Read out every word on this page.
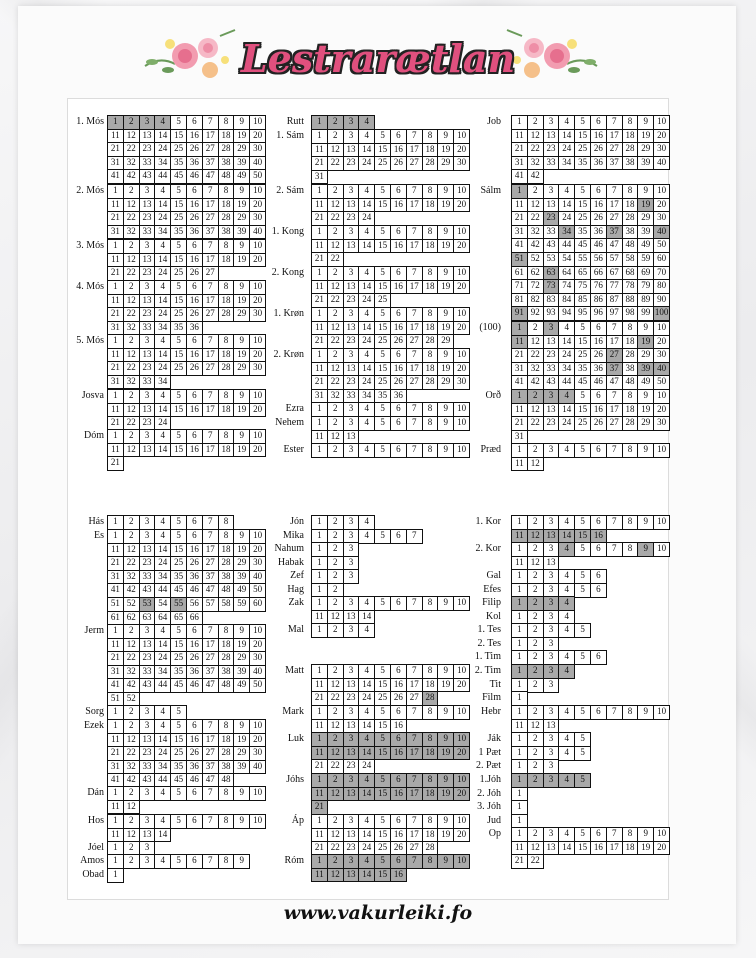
Lestrarætlan
1. Mós	1	2	3	4	5	6	7	8	9	10
11 12 13 14 15 16 17 18 19 20
21 22 23 24 25 26 27 28 29 30
31 32 33 34 35 36 37 38 39 40
41 42 43 44 45 46 47 48 49 50
2. Mós	1	2	3	4	5	6	7	8	9	10
11 12 13 14 15 16 17 18 19 20
21 22 23 24 25 26 27 28 29 30
31 32 33 34 35 36 37 38 39 40
3. Mós	1	2	3	4	5	6	7	8	9	10
11 12 13 14 15 16 17 18 19 20
21 22 23 24 25 26 27
4. Mós	1	2	3	4	5	6	7	8	9	10
11 12 13 14 15 16 17 18 19 20
21 22 23 24 25 26 27 28 29 30
31 32 33 34 35 36
5. Mós	1	2	3	4	5	6	7	8	9	10
11 12 13 14 15 16 17 18 19 20
21 22 23 24 25 26 27 28 29 30
31 32 33 34
Josva	1	2	3	4	5	6	7	8	9	10
11 12 13 14 15 16 17 18 19 20
21 22 23 24
Dóm	1	2	3	4	5	6	7	8	9	10
11 12 13 14 15 16 17 18 19 20
21
Rutt	1	2	3	4
1. Sám	1	2	3	4	5	6	7	8	9	10
11 12 13 14 15 16 17 18 19 20
21 22 23 24 25 26 27 28 29 30
31
2. Sám	1	2	3	4	5	6	7	8	9	10
11 12 13 14 15 16 17 18 19 20
21 22 23 24
1. Kong	1	2	3	4	5	6	7	8	9	10
11 12 13 14 15 16 17 18 19 20
21 22
2. Kong	1	2	3	4	5	6	7	8	9	10
11 12 13 14 15 16 17 18 19 20
21 22 23 24 25
1. Krøn	1	2	3	4	5	6	7	8	9	10
11 12 13 14 15 16 17 18 19 20
21 22 23 24 25 26 27 28 29
2. Krøn	1	2	3	4	5	6	7	8	9	10
11 12 13 14 15 16 17 18 19 20
21 22 23 24 25 26 27 28 29 30
31 32 33 34 35 36
Ezra	1	2	3	4	5	6	7	8	9	10
Nehem	1	2	3	4	5	6	7	8	9	10
11 12 13
Ester	1	2	3	4	5	6	7	8	9	10
Job	1	2	3	4	5	6	7	8	9	10
11 12 13 14 15 16 17 18 19 20
21 22 23 24 25 26 27 28 29 30
31 32 33 34 35 36 37 38 39 40
41 42
Sálm	1	2	3	4	5	6	7	8	9	10
11 12 13 14 15 16 17 18 19 20
21 22 23 24 25 26 27 28 29 30
31 32 33 34 35 36 37 38 39 40
41 42 43 44 45 46 47 48 49 50
51 52 53 54 55 56 57 58 59 60
61 62 63 64 65 66 67 68 69 70
71 72 73 74 75 76 77 78 79 80
81 82 83 84 85 86 87 88 89 90
91 92 93 94 95 96 97 98 99 100
(100)	1	2	3	4	5	6	7	8	9	10
11 12 13 14 15 16 17 18 19 20
21 22 23 24 25 26 27 28 29 30
31 32 33 34 35 36 37 38 39 40
41 42 43 44 45 46 47 48 49 50
Orð	1	2	3	4	5	6	7	8	9	10
11 12 13 14 15 16 17 18 19 20
21 22 23 24 25 26 27 28 29 30
31
Præd	1	2	3	4	5	6	7	8	9	10
11 12
Hás	1	2	3	4	5	6	7	8
Es	1	2	3	4	5	6	7	8	9	10
11 12 13 14 15 16 17 18 19 20
21 22 23 24 25 26 27 28 29 30
31 32 33 34 35 36 37 38 39 40
41 42 43 44 45 46 47 48 49 50
51 52 53 54 55 56 57 58 59 60
61 62 63 64 65 66
Jerm	1	2	3	4	5	6	7	8	9	10
11 12 13 14 15 16 17 18 19 20
21 22 23 24 25 26 27 28 29 30
31 32 33 34 35 36 37 38 39 40
41 42 43 44 45 46 47 48 49 50
51 52
Sorg	1	2	3	4	5
Ezek	1	2	3	4	5	6	7	8	9	10
11 12 13 14 15 16 17 18 19 20
21 22 23 24 25 26 27 28 29 30
31 32 33 34 35 36 37 38 39 40
41 42 43 44 45 46 47 48
Dán	1	2	3	4	5	6	7	8	9	10
11 12
Hos	1	2	3	4	5	6	7	8	9	10
11 12 13 14
Jóel	1	2	3
Amos	1	2	3	4	5	6	7	8	9
Obad	1
Jón	1	2	3	4
Mika	1	2	3	4	5	6	7
Nahum	1	2	3
Habak	1	2	3
Zef	1	2	3
Hag	1	2
Zak	1	2	3	4	5	6	7	8	9	10
11 12 13 14
Mal	1	2	3	4
Matt	1	2	3	4	5	6	7	8	9	10
11 12 13 14 15 16 17 18 19 20
21 22 23 24 25 26 27 28
Mark	1	2	3	4	5	6	7	8	9	10
11 12 13 14 15 16
Luk	1	2	3	4	5	6	7	8	9	10
11 12 13 14 15 16 17 18 19 20
21 22 23 24
Jóhs	1	2	3	4	5	6	7	8	9	10
11 12 13 14 15 16 17 18 19 20
21
Áp	1	2	3	4	5	6	7	8	9	10
11 12 13 14 15 16 17 18 19 20
21 22 23 24 25 26 27 28
Róm	1	2	3	4	5	6	7	8	9	10
11 12 13 14 15 16
1. Kor	1	2	3	4	5	6	7	8	9	10
11 12 13 14 15 16
2. Kor	1	2	3	4	5	6	7	8	9	10
11 12 13
Gal	1	2	3	4	5	6
Efes	1	2	3	4	5	6
Filip	1	2	3	4
Kol	1	2	3	4
1. Tes	1	2	3	4	5
2. Tes	1	2	3
1. Tim	1	2	3	4	5	6
2. Tim	1	2	3	4
Tit	1	2	3
Film	1
Hebr	1	2	3	4	5	6	7	8	9	10
11 12 13
Ják	1	2	3	4	5
1 Pæt	1	2	3	4	5
2. Pæt	1	2	3
1.Jóh	1	2	3	4	5
2. Jóh	1
3. Jóh	1
Jud	1
Op	1	2	3	4	5	6	7	8	9	10
11 12 13 14 15 16 17 18 19 20
21 22
www.vakurleiki.fo
